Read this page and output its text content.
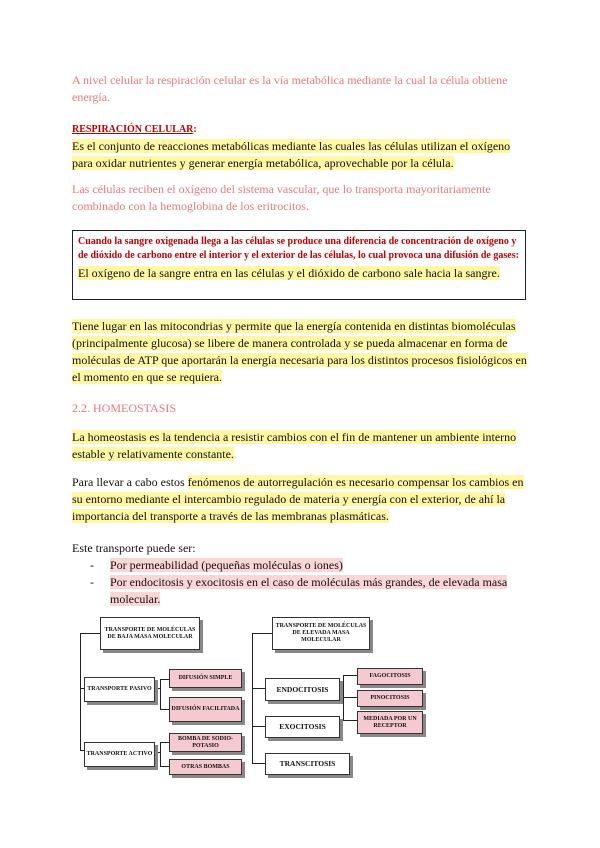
A nivel celular la respiración celular es la vía metabólica mediante la cual la célula obtiene energía.

RESPIRACIÓN CELULAR:
Es el conjunto de reacciones metabólicas mediante las cuales las células utilizan el oxígeno
para oxidar nutrientes y generar energía metabólica, aprovechable por la célula.

Las células reciben el oxígeno del sistema vascular, que lo transporta mayoritariamente combinado con la hemoglobina de los eritrocitos.

Cuando la sangre oxigenada llega a las células se produce una diferencia de concentración de oxígeno y de dióxido de carbono entre el interior y el exterior de las células, lo cual provoca una difusión de gases:
El oxígeno de la sangre entra en las células y el dióxido de carbono sale hacia la sangre.

Tiene lugar en las mitocondrias y permite que la energía contenida en distintas biomoléculas (principalmente glucosa) se libere de manera controlada y se pueda almacenar en forma de moléculas de ATP que aportarán la energía necesaria para los distintos procesos fisiológicos en el momento en que se requiera.

2.2. HOMEOSTASIS

La homeostasis es la tendencia a resistir cambios con el fin de mantener un ambiente interno estable y relativamente constante.

Para llevar a cabo estos fenómenos de autorregulación es necesario compensar los cambios en su entorno mediante el intercambio regulado de materia y energía con el exterior, de ahí la importancia del transporte a través de las membranas plasmáticas.

Este transporte puede ser:

-	Por permeabilidad (pequeñas moléculas o iones)
-	Por endocitosis y exocitosis en el caso de moléculas más grandes, de elevada masa molecular.
TRANSPORTE DE MOLÉCULAS DE BAJA MASA MOLECULAR
TRANSPORTE PASIVO
DIFUSIÓN SIMPLE
DIFUSIÓN FACILITADA
TRANSPORTE ACTIVO
BOMBA DE SODIO-POTASIO
OTRAS BOMBAS
TRANSPORTE DE MOLÉCULAS DE ELEVADA MASA MOLECULAR
ENDOCITOSIS
EXOCITOSIS
TRANSCITOSIS
FAGOCITOSIS
PINOCITOSIS
MEDIADA POR UN RECEPTOR
